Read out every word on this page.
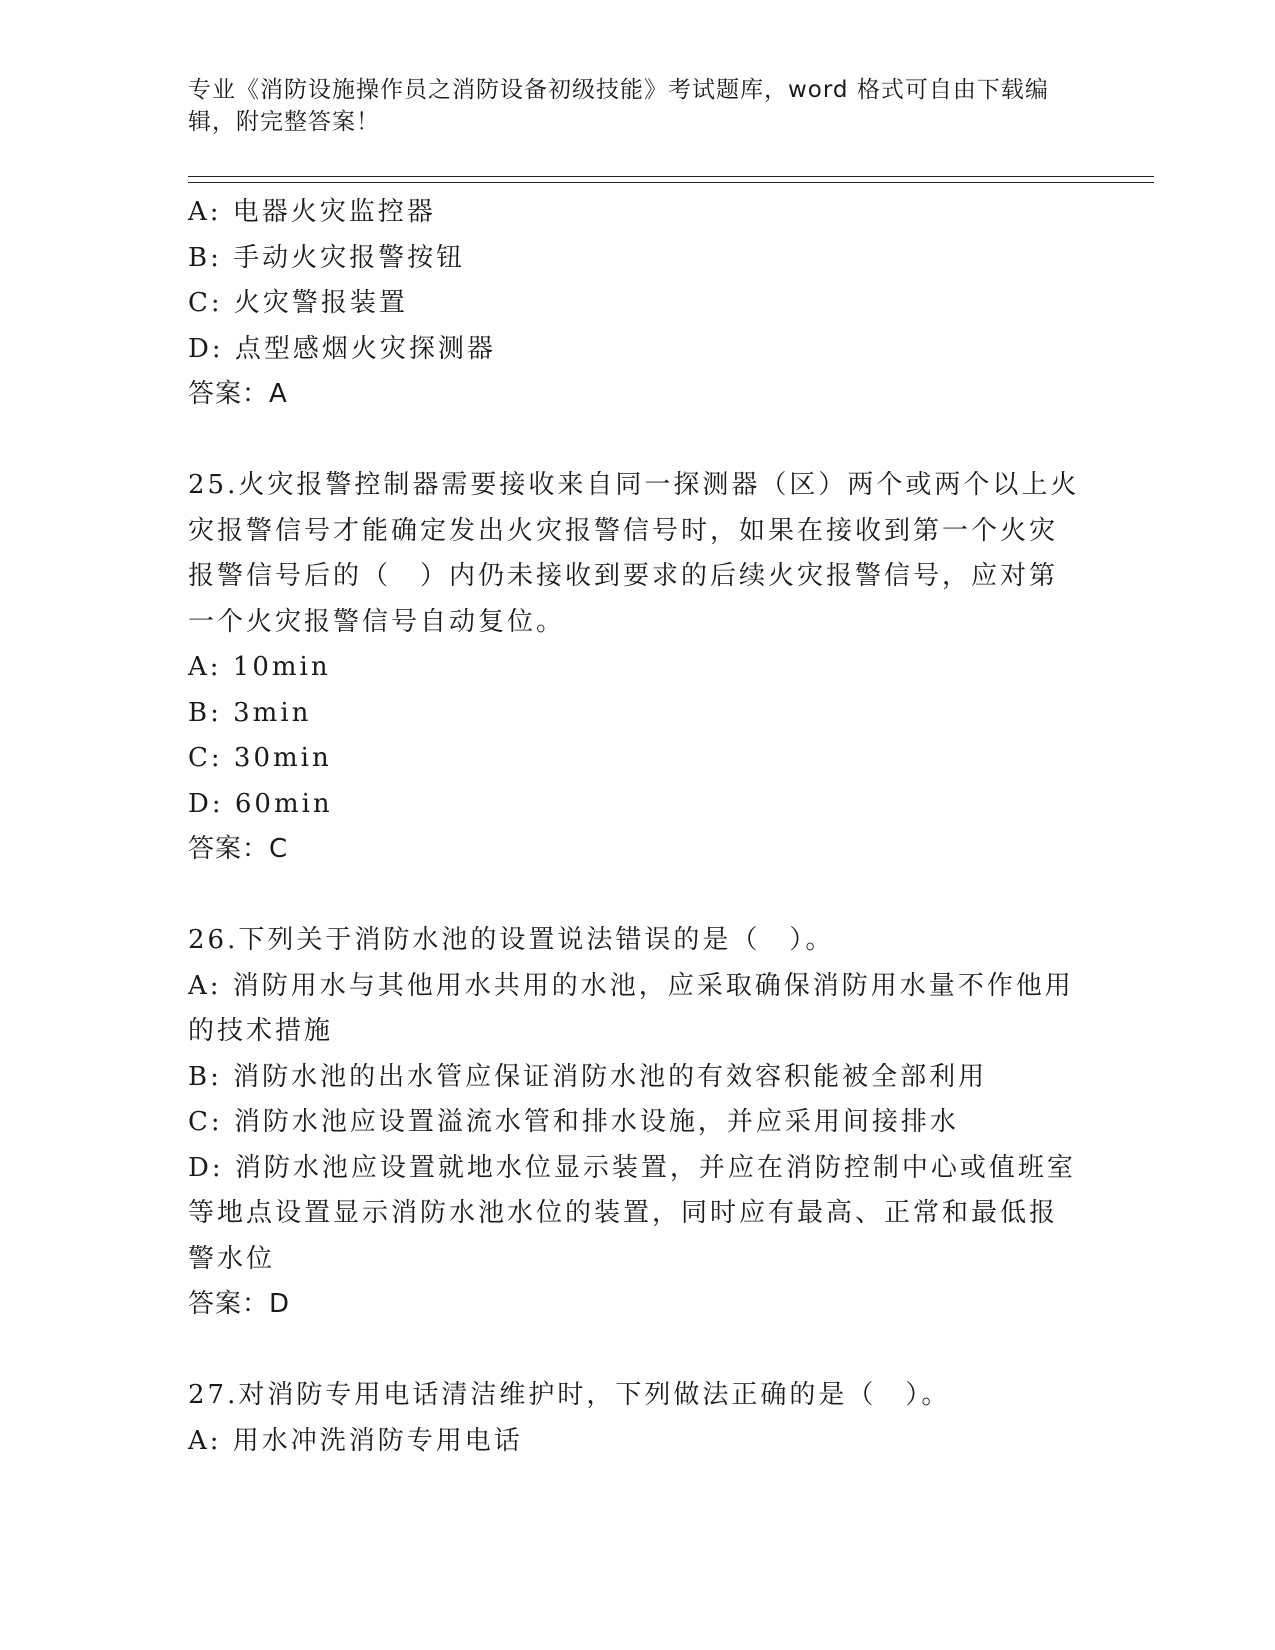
专业《消防设施操作员之消防设备初级技能》考试题库，word 格式可自由下载编
辑，附完整答案！

A: 电器火灾监控器

B: 手动火灾报警按钮

C: 火灾警报装置

D: 点型感烟火灾探测器

答案：A

25.火灾报警控制器需要接收来自同一探测器（区）两个或两个以上火

灾报警信号才能确定发出火灾报警信号时，如果在接收到第一个火灾

报警信号后的（　）内仍未接收到要求的后续火灾报警信号，应对第

一个火灾报警信号自动复位。

A: 10min

B: 3min

C: 30min

D: 60min

答案：C

26.下列关于消防水池的设置说法错误的是（　）。

A: 消防用水与其他用水共用的水池，应采取确保消防用水量不作他用

的技术措施

B: 消防水池的出水管应保证消防水池的有效容积能被全部利用

C: 消防水池应设置溢流水管和排水设施，并应采用间接排水

D: 消防水池应设置就地水位显示装置，并应在消防控制中心或值班室

等地点设置显示消防水池水位的装置，同时应有最高、正常和最低报

警水位

答案：D

27.对消防专用电话清洁维护时，下列做法正确的是（　）。

A: 用水冲洗消防专用电话
